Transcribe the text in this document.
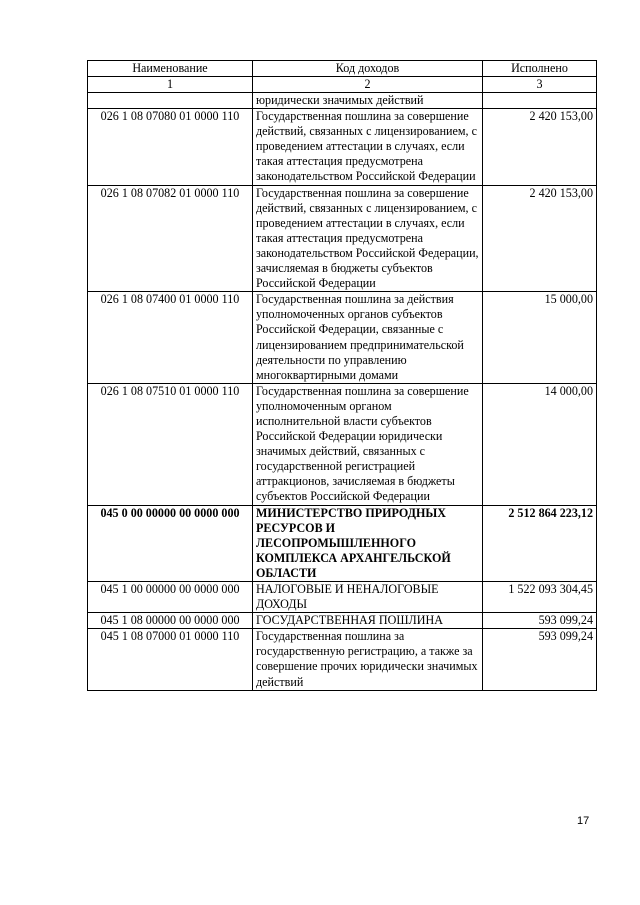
Наименование	Код доходов	Исполнено
1	2	3
	юридически значимых действий	
026 1 08 07080 01 0000 110	Государственная пошлина за совершение действий, связанных с лицензированием, с проведением аттестации в случаях, если такая аттестация предусмотрена законодательством Российской Федерации	2 420 153,00
026 1 08 07082 01 0000 110	Государственная пошлина за совершение действий, связанных с лицензированием, с проведением аттестации в случаях, если такая аттестация предусмотрена законодательством Российской Федерации, зачисляемая в бюджеты субъектов Российской Федерации	2 420 153,00
026 1 08 07400 01 0000 110	Государственная пошлина за действия уполномоченных органов субъектов Российской Федерации, связанные с лицензированием предпринимательской деятельности по управлению многоквартирными домами	15 000,00
026 1 08 07510 01 0000 110	Государственная пошлина за совершение уполномоченным органом исполнительной власти субъектов Российской Федерации юридически значимых действий, связанных с государственной регистрацией аттракционов, зачисляемая в бюджеты субъектов Российской Федерации	14 000,00
045 0 00 00000 00 0000 000	МИНИСТЕРСТВО ПРИРОДНЫХ РЕСУРСОВ И ЛЕСОПРОМЫШЛЕННОГО КОМПЛЕКСА АРХАНГЕЛЬСКОЙ ОБЛАСТИ	2 512 864 223,12
045 1 00 00000 00 0000 000	НАЛОГОВЫЕ И НЕНАЛОГОВЫЕ ДОХОДЫ	1 522 093 304,45
045 1 08 00000 00 0000 000	ГОСУДАРСТВЕННАЯ ПОШЛИНА	593 099,24
045 1 08 07000 01 0000 110	Государственная пошлина за государственную регистрацию, а также за совершение прочих юридически значимых действий	593 099,24
17
